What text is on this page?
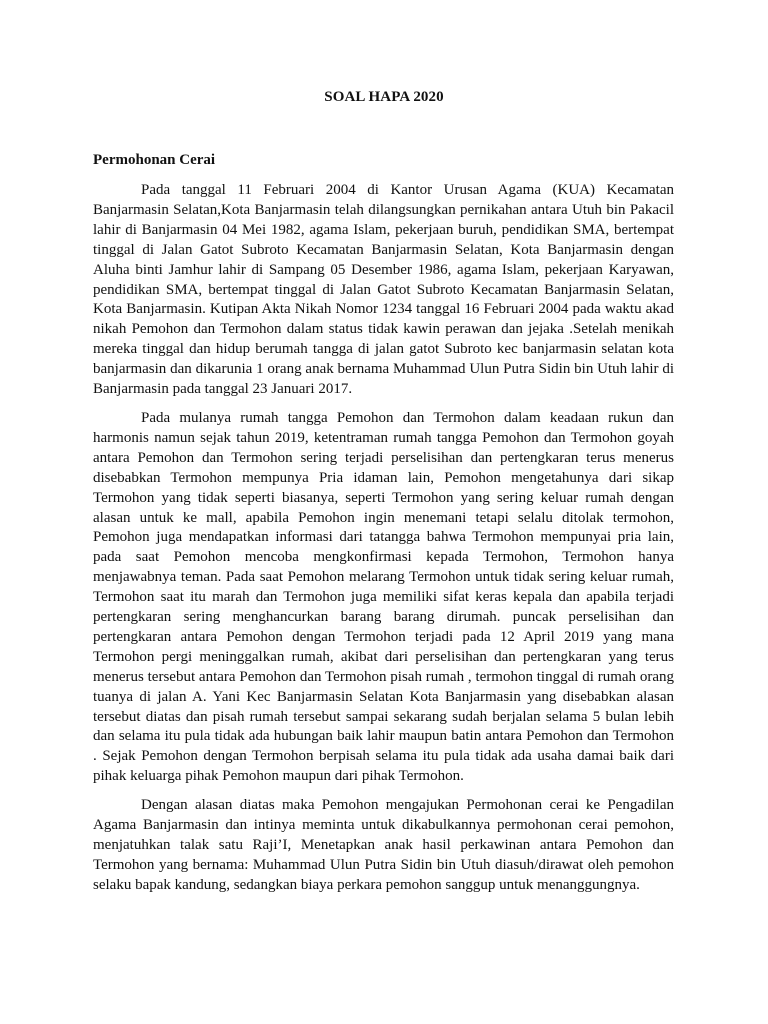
SOAL HAPA 2020
Permohonan Cerai

Pada tanggal 11 Februari 2004 di Kantor Urusan Agama (KUA) Kecamatan Banjarmasin Selatan,Kota Banjarmasin telah dilangsungkan pernikahan antara Utuh bin Pakacil lahir di Banjarmasin 04 Mei 1982, agama Islam, pekerjaan buruh, pendidikan SMA, bertempat tinggal di Jalan Gatot Subroto Kecamatan Banjarmasin Selatan, Kota Banjarmasin dengan Aluha binti Jamhur lahir di Sampang 05 Desember 1986, agama Islam, pekerjaan Karyawan, pendidikan SMA, bertempat tinggal di Jalan Gatot Subroto Kecamatan Banjarmasin Selatan, Kota Banjarmasin. Kutipan Akta Nikah Nomor 1234 tanggal 16 Februari 2004 pada waktu akad nikah Pemohon dan Termohon dalam status tidak kawin perawan dan jejaka .Setelah menikah mereka tinggal dan hidup berumah tangga di jalan gatot Subroto kec banjarmasin selatan kota banjarmasin dan dikarunia 1 orang anak bernama Muhammad Ulun Putra Sidin bin Utuh lahir di Banjarmasin pada tanggal 23 Januari 2017.

Pada mulanya rumah tangga Pemohon dan Termohon dalam keadaan rukun dan harmonis namun sejak tahun 2019, ketentraman rumah tangga Pemohon dan Termohon goyah antara Pemohon dan Termohon sering terjadi perselisihan dan pertengkaran terus menerus disebabkan Termohon mempunya Pria idaman lain, Pemohon mengetahunya dari sikap Termohon yang tidak seperti biasanya, seperti Termohon yang sering keluar rumah dengan alasan untuk ke mall, apabila Pemohon ingin menemani tetapi selalu ditolak termohon, Pemohon juga mendapatkan informasi dari tatangga bahwa Termohon mempunyai pria lain, pada saat Pemohon mencoba mengkonfirmasi kepada Termohon, Termohon hanya menjawabnya teman. Pada saat Pemohon melarang Termohon untuk tidak sering keluar rumah, Termohon saat itu marah dan Termohon juga memiliki sifat keras kepala dan apabila terjadi pertengkaran sering menghancurkan barang barang dirumah. puncak perselisihan dan pertengkaran antara Pemohon dengan Termohon terjadi pada 12 April 2019 yang mana Termohon pergi meninggalkan rumah, akibat dari perselisihan dan pertengkaran yang terus menerus tersebut antara Pemohon dan Termohon pisah rumah , termohon tinggal di rumah orang tuanya di jalan A. Yani Kec Banjarmasin Selatan Kota Banjarmasin yang disebabkan alasan tersebut diatas dan pisah rumah tersebut sampai sekarang sudah berjalan selama 5 bulan lebih dan selama itu pula tidak ada hubungan baik lahir maupun batin antara Pemohon dan Termohon . Sejak Pemohon dengan Termohon berpisah selama itu pula tidak ada usaha damai baik dari pihak keluarga pihak Pemohon maupun dari pihak Termohon.

Dengan alasan diatas maka Pemohon mengajukan Permohonan cerai ke Pengadilan Agama Banjarmasin dan intinya meminta untuk dikabulkannya permohonan cerai pemohon, menjatuhkan talak satu Raji’I, Menetapkan anak hasil perkawinan antara Pemohon dan Termohon yang bernama: Muhammad Ulun Putra Sidin bin Utuh diasuh/dirawat oleh pemohon selaku bapak kandung, sedangkan biaya perkara pemohon sanggup untuk menanggungnya.
